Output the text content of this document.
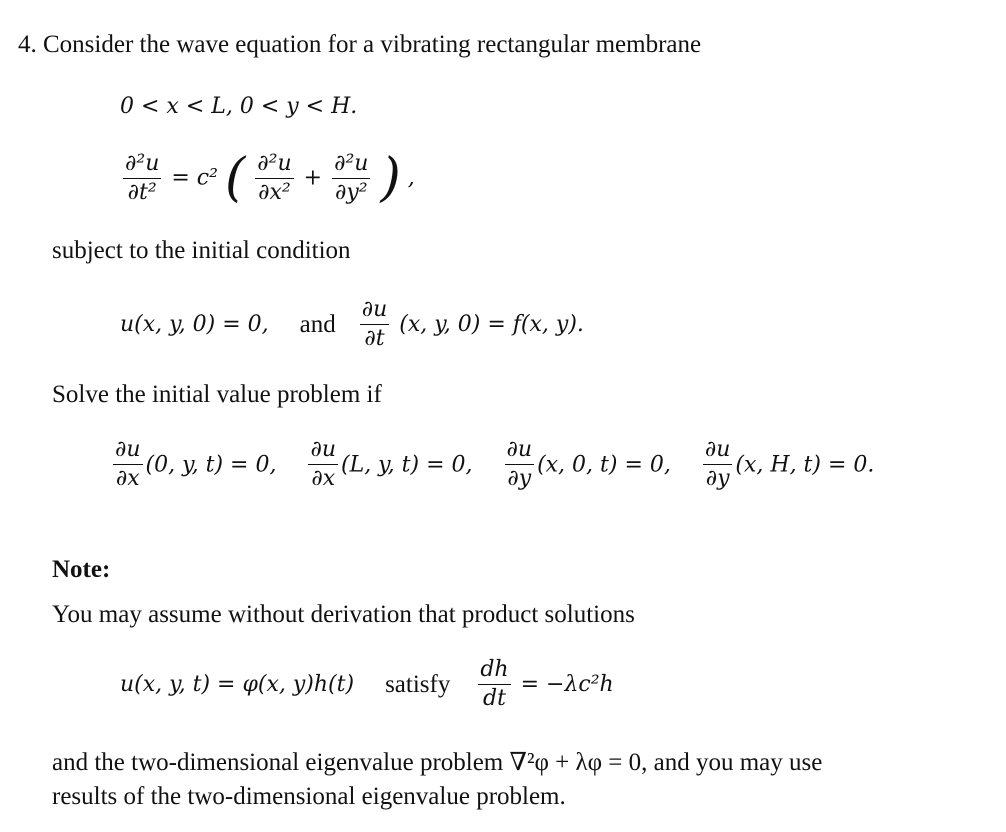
4. Consider the wave equation for a vibrating rectangular membrane
0 < x < L, 0 < y < H.
$\frac{\text{∂²u}}{\text{∂t²}} = c^2$ ( $\frac{\text{∂²u}}{\text{∂x²}} + \frac{\text{∂²u}}{\text{∂y²}}$ ) ,
subject to the initial condition
u(x, y, 0) = 0, and $\frac{\partial u}{\partial t} (x$, y, 0) = f(x, y).
Solve the initial value problem if
$\frac{\partial u}{\partial x} (0$, y, t) = 0, $\frac{\partial u}{\partial x} (L$, y, t) = 0, $\frac{\partial u}{\partial y} (x$, 0, t) = 0, $\frac{\partial u}{\partial y} (x$, H, t) = 0.
Note:
You may assume without derivation that product solutions
u(x, y, t) = φ(x, y)h(t) satisfy $\frac{dh}{dt} = -\lambda c^2h$
and the two-dimensional eigenvalue problem ∇²φ + λφ = 0, and you may use
results of the two-dimensional eigenvalue problem.
